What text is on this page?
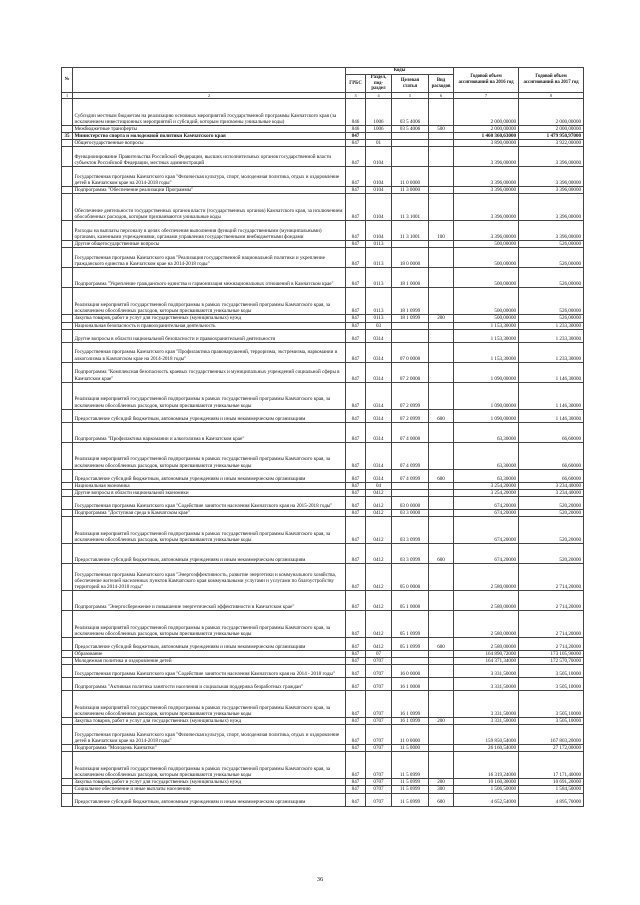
№		Коды				Годовой объем ассигнований на 2016 год	Годовой объем ассигнований на 2017 год
		ГРБС	Раздел, под-раздел	Целевая статья	Вид расходов		
1	2	3	4	5	6	7	8
	Субсидии местным бюджетам на реализацию основных мероприятий государственной программы Камчатского края (за исключением инвестиционных мероприятий и субсидий, которым присвоены уникальные коды)	846	1006	03 5 4006		2 000,00000	2 000,00000
	Межбюджетные трансферты	846	1006	03 5 4006	500	2 000,00000	2 000,00000
35	Министерство спорта и молодежной политики Камчатского края	847				1 460 360,63000	1 479 950,97000
	Общегосударственные вопросы	847	01			3 890,00000	3 922,00000
	Функционирование Правительства Российской Федерации, высших исполнительных органов государственной власти субъектов Российской Федерации, местных администраций	847	0104			3 396,00000	3 396,00000
	Государственная программа Камчатского края "Физическая культура, спорт, молодежная политика, отдых и оздоровление детей в Камчатском крае на 2014-2018 годы"	847	0104	11 0 0000		3 396,00000	3 396,00000
	Подпрограмма "Обеспечение реализации Программы"	847	0104	11 3 0000		3 396,00000	3 396,00000
	Обеспечение деятельности государственных органов власти (государственных органов) Камчатского края, за исключением обособленных расходов, которым присваиваются уникальные коды	847	0104	11 3 1001		3 396,00000	3 396,00000
	Расходы на выплаты персоналу в целях обеспечения выполнения функций государственными (муниципальными) органами, казенными учреждениями, органами управления государственными внебюджетными фондами	847	0104	11 3 1001	100	3 396,00000	3 396,00000
	Другие общегосударственные вопросы	847	0113			500,00000	526,00000
	Государственная программа Камчатского края "Реализация государственной национальной политики и укрепление гражданского единства в Камчатском крае на 2014-2018 годы"	847	0113	18 0 0000		500,00000	526,00000
	Подпрограмма "Укрепление гражданского единства и гармонизация межнациональных отношений в Камчатском крае"	847	0113	18 1 0000		500,00000	526,00000
	Реализация мероприятий государственной подпрограммы в рамках государственной программы Камчатского края, за исключением обособленных расходов, которым присваиваются уникальные коды	847	0113	18 1 0999		500,00000	526,00000
	Закупка товаров, работ и услуг для государственных (муниципальных) нужд	847	0113	18 1 0999	200	500,00000	526,00000
	Национальная безопасность и правоохранительная деятельность	847	03			1 153,30000	1 233,30000
	Другие вопросы в области национальной безопасности и правоохранительной деятельности	847	0314			1 153,30000	1 233,30000
	Государственная программа Камчатского края "Профилактика правонарушений, терроризма, экстремизма, наркомании и алкоголизма в Камчатском крае на 2014-2018 годы"	847	0314	07 0 0000		1 153,30000	1 233,30000
	Подпрограмма "Комплексная безопасность краевых государственных и муниципальных учреждений социальной сферы в Камчатском крае"	847	0314	07 2 0000		1 090,00000	1 146,30000
	Реализация мероприятий государственной подпрограммы в рамках государственной программы Камчатского края, за исключением обособленных расходов, которым присваиваются уникальные коды	847	0314	07 2 0999		1 090,00000	1 146,30000
	Предоставление субсидий бюджетным, автономным учреждениям и иным некоммерческим организациям	847	0314	07 2 0999	600	1 090,00000	1 146,30000
	Подпрограмма "Профилактика наркомании и алкоголизма в Камчатском крае"	847	0314	07 4 0000		63,30000	66,60000
	Реализация мероприятий государственной подпрограммы в рамках государственной программы Камчатского края, за исключением обособленных расходов, которым присваиваются уникальные коды	847	0314	07 4 0999		63,30000	66,60000
	Предоставление субсидий бюджетным, автономным учреждениям и иным некоммерческим организациям	847	0314	07 4 0999	600	63,30000	66,60000
	Национальная экономика	847	04			3 254,20000	3 234,40000
	Другие вопросы в области национальной экономики	847	0412			3 254,20000	3 234,40000
	Государственная программа Камчатского края "Содействие занятости населения Камчатского края на 2015-2018 годы"	847	0412	03 0 0000		674,20000	520,20000
	Подпрограмма "Доступная среда в Камчатском крае"	847	0412	03 3 0000		674,20000	520,20000
	Реализация мероприятий государственной подпрограммы в рамках государственной программы Камчатского края, за исключением обособленных расходов, которым присваиваются уникальные коды	847	0412	03 3 0999		674,20000	520,20000
	Предоставление субсидий бюджетным, автономным учреждениям и иным некоммерческим организациям	847	0412	03 3 0999	600	674,20000	520,20000
	Государственная программа Камчатского края "Энергоэффективность, развитие энергетики и коммунального хозяйства, обеспечение жителей населенных пунктов Камчатского края коммунальными услугами и услугами по благоустройству территорий на 2014-2018 годы"	847	0412	05 0 0000		2 580,00000	2 714,20000
	Подпрограмма "Энергосбережение и повышение энергетической эффективности в Камчатском крае"	847	0412	05 1 0000		2 580,00000	2 714,20000
	Реализация мероприятий государственной подпрограммы в рамках государственной программы Камчатского края, за исключением обособленных расходов, которым присваиваются уникальные коды	847	0412	05 1 0999		2 580,00000	2 714,20000
	Предоставление субсидий бюджетным, автономным учреждениям и иным некоммерческим организациям	847	0412	05 1 0999	600	2 580,00000	2 714,20000
	Образование	847	07			164 890,72000	173 105,90000
	Молодежная политика и оздоровление детей	847	0707			164 371,34000	172 570,70000
	Государственная программа Камчатского края "Содействие занятости населения Камчатского края на 2014 - 2018 годы"	847	0707	16 0 0000		3 331,50000	3 505,10000
	Подпрограмма "Активная политика занятости населения и социальная поддержка безработных граждан"	847	0707	16 1 0000		3 331,50000	3 505,10000
	Реализация мероприятий государственной подпрограммы в рамках государственной программы Камчатского края, за исключением обособленных расходов, которым присваиваются уникальные коды	847	0707	16 1 0999		3 331,50000	3 505,10000
	Закупка товаров, работ и услуг для государственных (муниципальных) нужд	847	0707	16 1 0999	200	3 331,50000	3 505,10000
	Государственная программа Камчатского края "Физическая культура, спорт, молодежная политика, отдых и оздоровление детей в Камчатском крае на 2014-2018 годы"	847	0707	11 0 0000		159 850,54000	167 803,20000
	Подпрограмма "Молодежь Камчатки"	847	0707	11 5 0000		26 160,54000	27 172,00000
	Реализация мероприятий государственной подпрограммы в рамках государственной программы Камчатского края, за исключением обособленных расходов, которым присваиваются уникальные коды	847	0707	11 5 0999		16 319,24000	17 171,40000
	Закупка товаров, работ и услуг для государственных (муниципальных) нужд	847	0707	11 5 0999	200	10 160,30000	10 691,20000
	Социальное обеспечение и иные выплаты населению	847	0707	11 5 0999	300	1 506,50000	1 584,50000
	Предоставление субсидий бюджетным, автономным учреждениям и иным некоммерческим организациям	847	0707	11 5 0999	600	4 652,54000	4 895,70000
36
